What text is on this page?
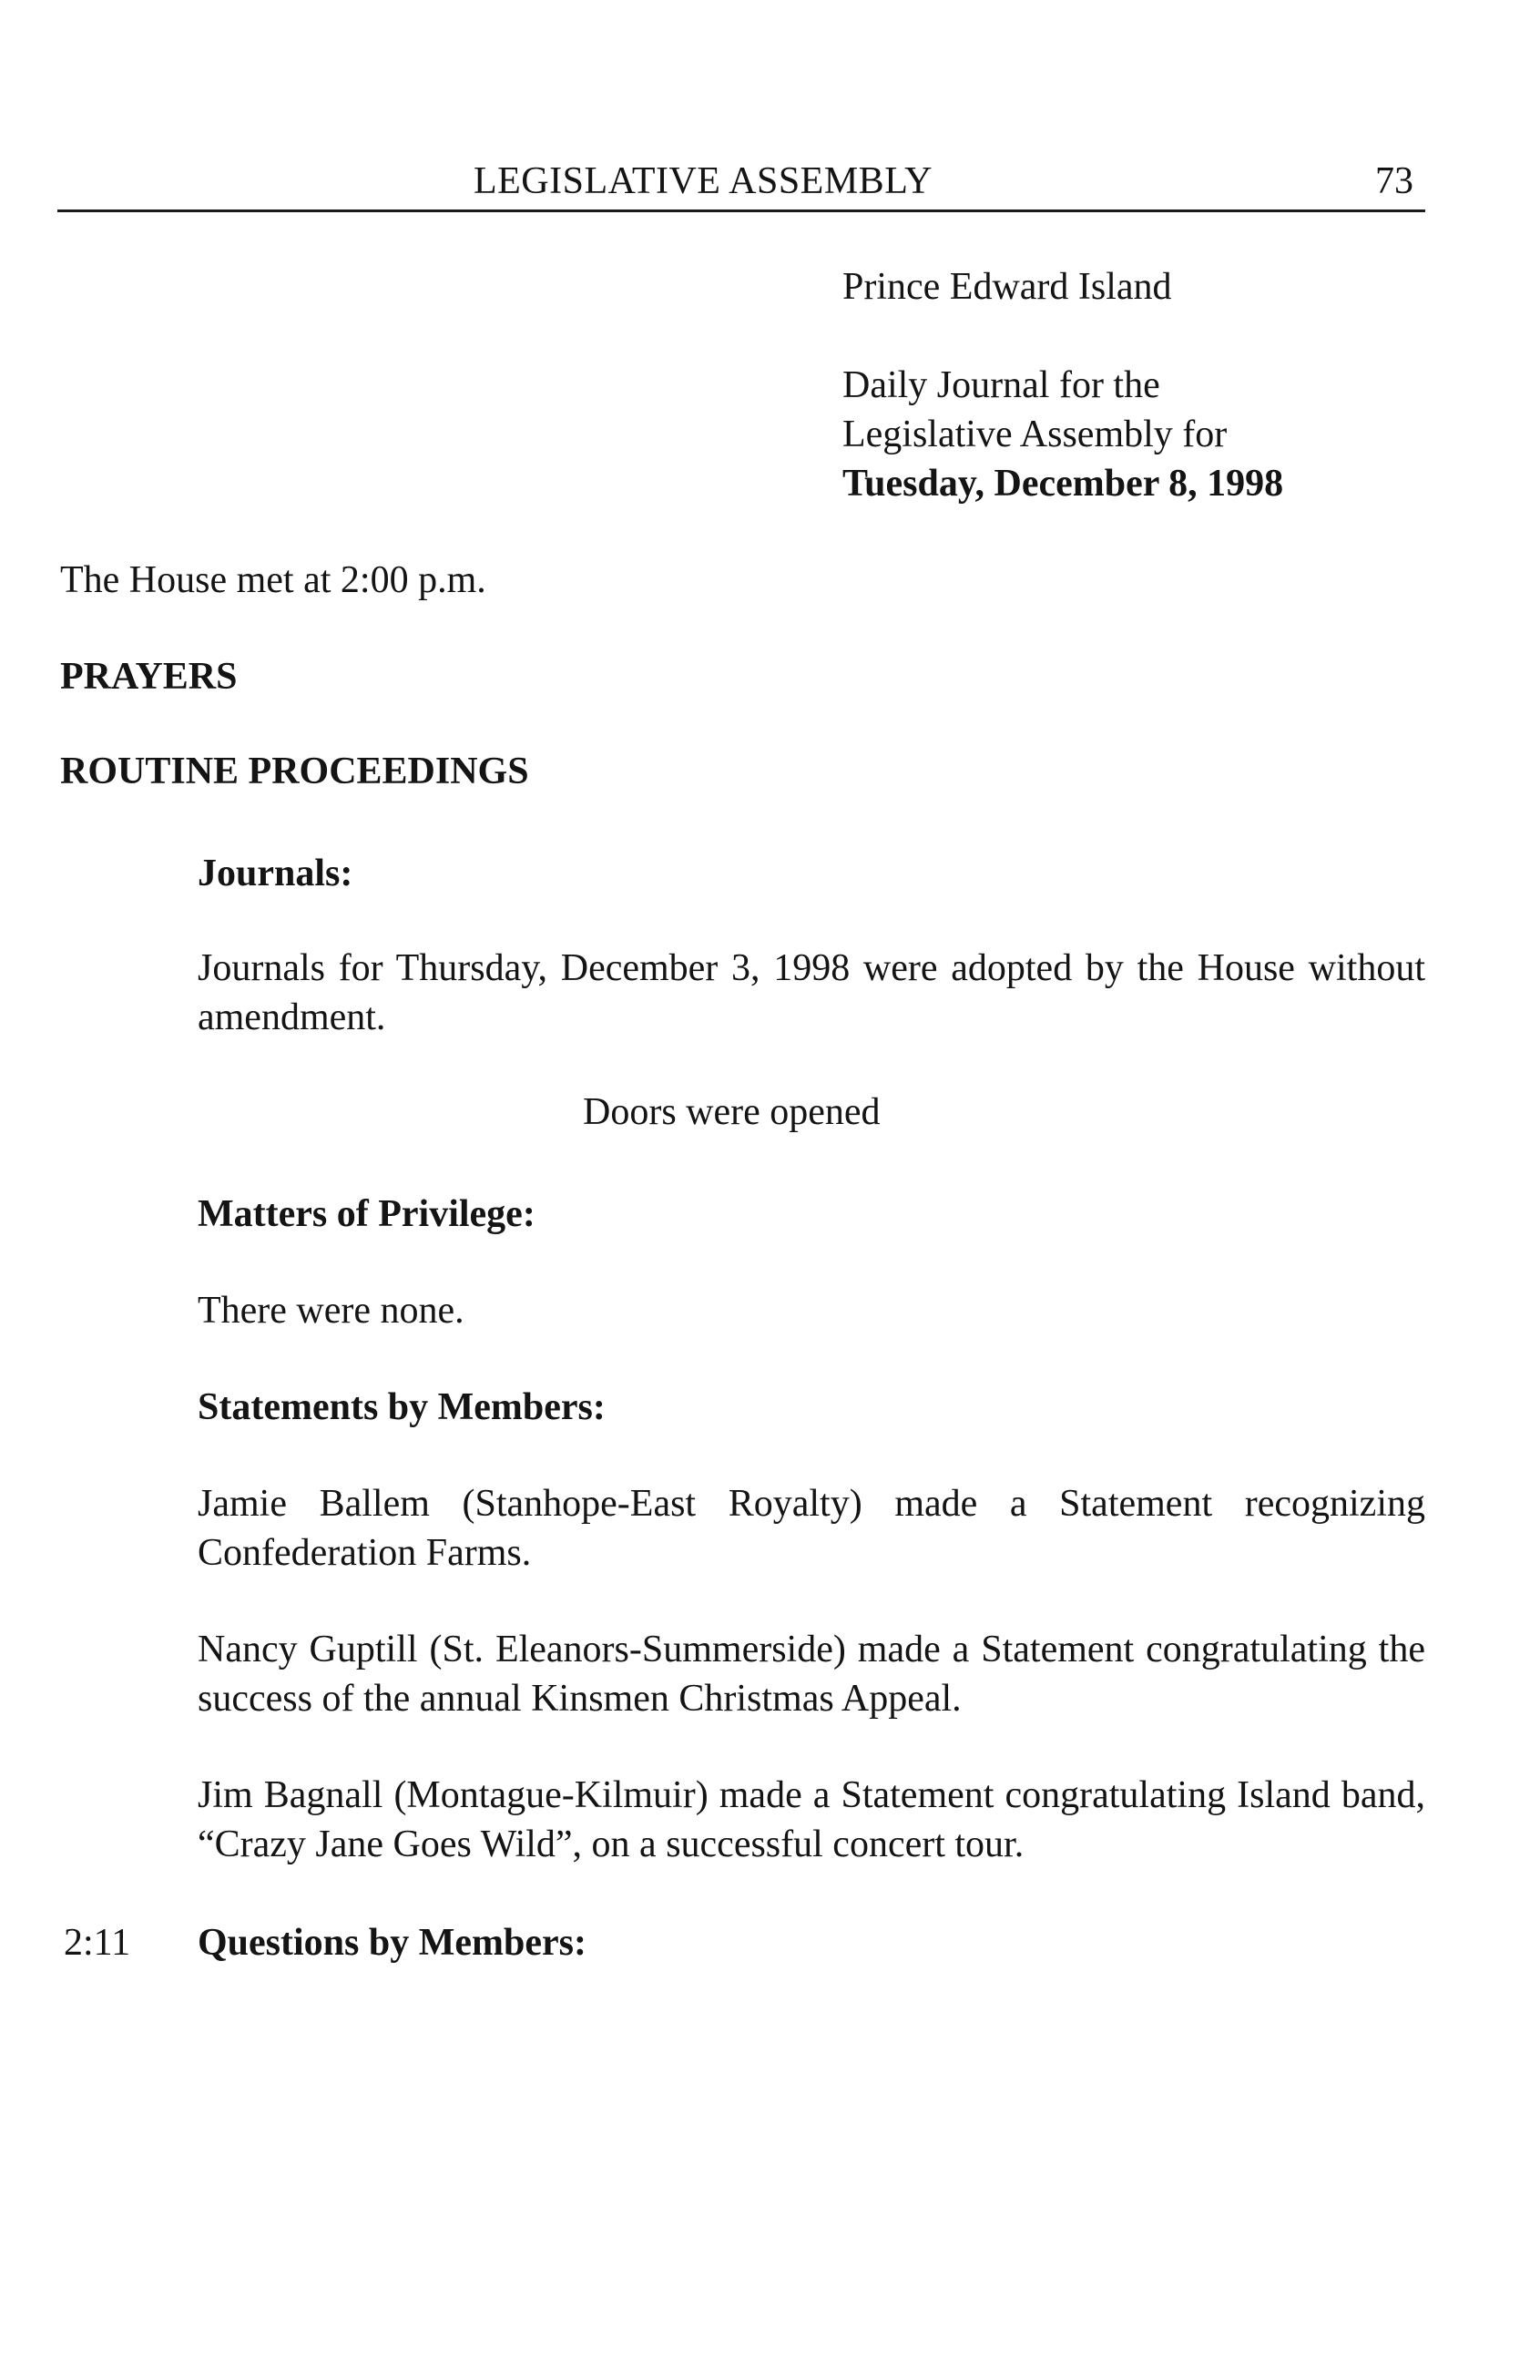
LEGISLATIVE ASSEMBLY	73
Prince Edward Island
Daily Journal for the
Legislative Assembly for
Tuesday, December 8, 1998

The House met at 2:00 p.m.

PRAYERS

ROUTINE PROCEEDINGS

Journals:

Journals for Thursday, December 3, 1998 were adopted by the House without amendment.

Doors were opened

Matters of Privilege:

There were none.

Statements by Members:

Jamie Ballem (Stanhope-East Royalty) made a Statement recognizing Confederation Farms.

Nancy Guptill (St. Eleanors-Summerside) made a Statement congratulating the success of the annual Kinsmen Christmas Appeal.

Jim Bagnall (Montague-Kilmuir) made a Statement congratulating Island band, “Crazy Jane Goes Wild”, on a successful concert tour.

2:11 Questions by Members:
